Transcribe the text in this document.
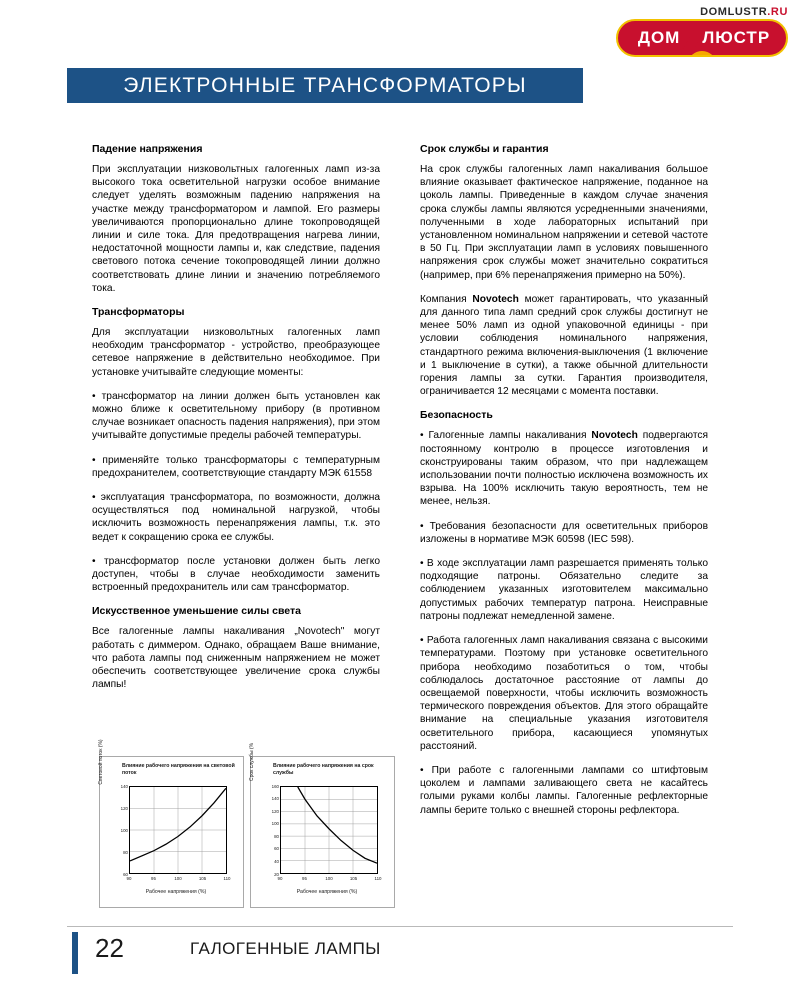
DOMLUSTR.RU
ДОМ ЛЮСТР
ЭЛЕКТРОННЫЕ ТРАНСФОРМАТОРЫ
Падение напряжения

При эксплуатации низковольтных галогенных ламп из-за высокого тока осветительной нагрузки особое внимание следует уделять возможным падению напряжения на участке между трансформатором и лампой. Его размеры увеличиваются пропорционально длине токопроводящей линии и силе тока. Для предотвращения нагрева линии, недостаточной мощности лампы и, как следствие, падения светового потока сечение токопроводящей линии должно соответствовать длине линии и значению потребляемого тока.

Трансформаторы

Для эксплуатации низковольтных галогенных ламп необходим трансформатор - устройство, преобразующее сетевое напряжение в действительно необходимое. При установке учитывайте следующие моменты:

• трансформатор на линии должен быть установлен как можно ближе к осветительному прибору (в противном случае возникает опасность падения напряжения), при этом учитывайте допустимые пределы рабочей температуры.

• применяйте только трансформаторы с температурным предохранителем, соответствующие стандарту МЭК 61558

• эксплуатация трансформатора, по возможности, должна осуществляться под номинальной нагрузкой, чтобы исключить возможность перенапряжения лампы, т.к. это ведет к сокращению срока ее службы.

• трансформатор после установки должен быть легко доступен, чтобы в случае необходимости заменить встроенный предохранитель или сам трансформатор.

Искусственное уменьшение силы света

Все галогенные лампы накаливания „Novotech" могут работать с диммером. Однако, обращаем Ваше внимание, что работа лампы под сниженным напряжением не может обеспечить соответствующее увеличение срока службы лампы!

Срок службы и гарантия

На срок службы галогенных ламп накаливания большое влияние оказывает фактическое напряжение, поданное на цоколь лампы. Приведенные в каждом случае значения срока службы лампы являются усредненными значениями, полученными в ходе лабораторных испытаний при установленном номинальном напряжении и сетевой частоте в 50 Гц. При эксплуатации ламп в условиях повышенного напряжения срок службы может значительно сократиться (например, при 6% перенапряжения примерно на 50%).

Компания Novotech может гарантировать, что указанный для данного типа ламп средний срок службы достигнут не менее 50% ламп из одной упаковочной единицы - при условии соблюдения номинального напряжения, стандартного режима включения-выключения (1 включение и 1 выключение в сутки), а также обычной длительности горения лампы за сутки. Гарантия производителя, ограничивается 12 месяцами с момента поставки.

Безопасность

• Галогенные лампы накаливания Novotech подвергаются постоянному контролю в процессе изготовления и сконструированы таким образом, что при надлежащем использовании почти полностью исключена возможность их взрыва. На 100% исключить такую вероятность, тем не менее, нельзя.

• Требования безопасности для осветительных приборов изложены в нормативе МЭК 60598 (IEC 598).

• В ходе эксплуатации ламп разрешается применять только подходящие патроны. Обязательно следите за соблюдением указанных изготовителем максимально допустимых рабочих температур патрона. Неисправные патроны подлежат немедленной замене.

• Работа галогенных ламп накаливания связана с высокими температурами. Поэтому при установке осветительного прибора необходимо позаботиться о том, чтобы соблюдалось достаточное расстояние от лампы до освещаемой поверхности, чтобы исключить возможность термического повреждения объектов. Для этого обращайте внимание на специальные указания изготовителя осветительного прибора, касающиеся упомянутых расстояний.

• При работе с галогенными лампами со штифтовым цоколем и лампами заливающего света не касайтесь голыми руками колбы лампы. Галогенные рефлекторные лампы берите только с внешней стороны рефлектора.

Влияние рабочего напряжения на световой поток
Световой поток (%)
60
80
100
120
140
90	95	100	105	110
Рабочее напряжения (%)
Влияние рабочего напряжения на срок службы
Срок службы (%
20
40
60
80
100
120
140
160
90	95	100	105	110
Рабочее напряжения (%)
22	ГАЛОГЕННЫЕ ЛАМПЫ
